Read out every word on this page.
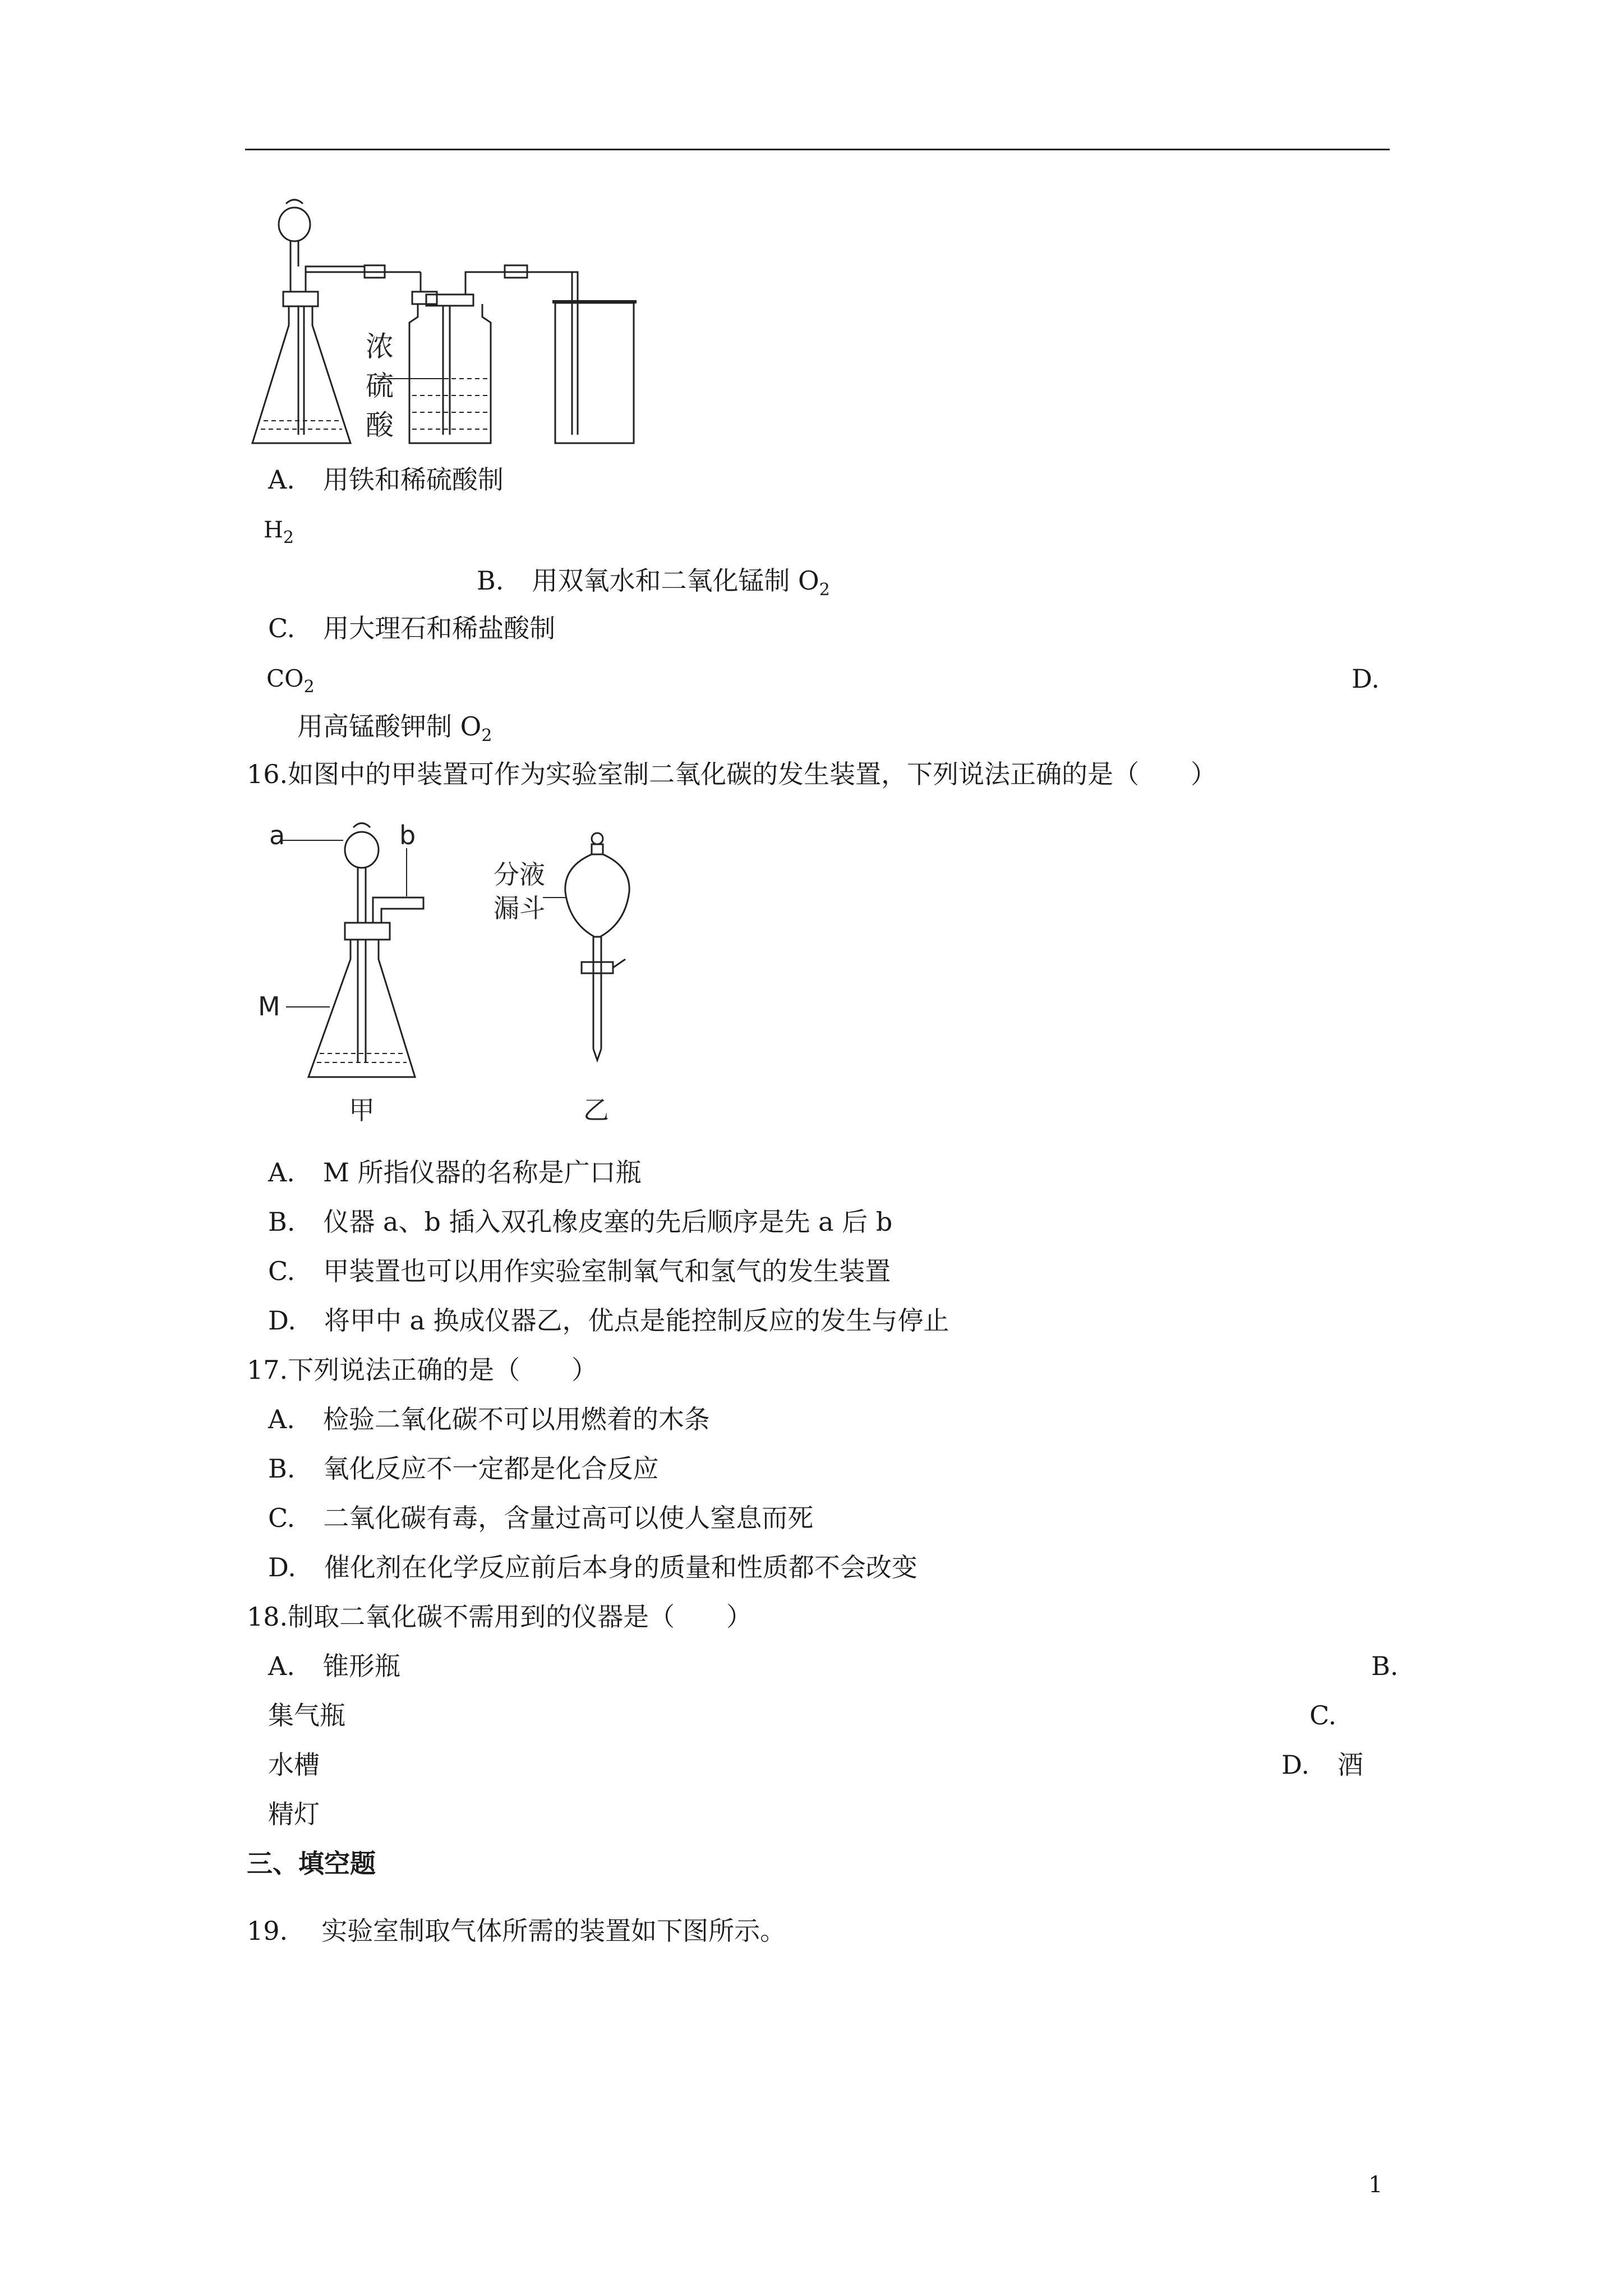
浓
硫
酸
A. 用铁和稀硫酸制
$H_2$
B. 用双氧水和二氧化锰制 $O_2$
C. 用大理石和稀盐酸制
$CO_2$	D.
用高锰酸钾制 $O_2$
16.如图中的甲装置可作为实验室制二氧化碳的发生装置，下列说法正确的是（　　）
a	b
M
分液
漏斗
甲	乙
A. M 所指仪器的名称是广口瓶
B. 仪器 a、b 插入双孔橡皮塞的先后顺序是先 a 后 b
C. 甲装置也可以用作实验室制氧气和氢气的发生装置
D. 将甲中 a 换成仪器乙，优点是能控制反应的发生与停止
17.下列说法正确的是（　　）
A. 检验二氧化碳不可以用燃着的木条
B. 氧化反应不一定都是化合反应
C. 二氧化碳有毒，含量过高可以使人窒息而死
D. 催化剂在化学反应前后本身的质量和性质都不会改变
18.制取二氧化碳不需用到的仪器是（　　）
A. 锥形瓶	B.
集气瓶	C.
水槽	D. 酒
精灯
三、填空题
19. 实验室制取气体所需的装置如下图所示。
1
